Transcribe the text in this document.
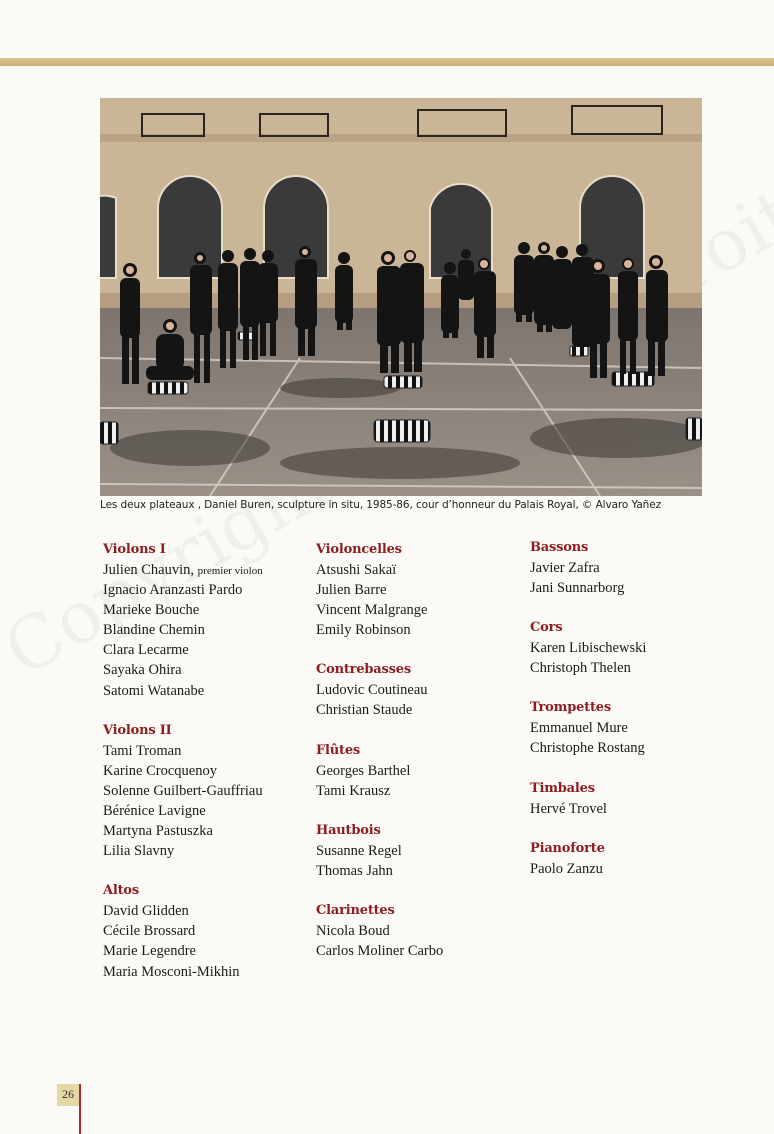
Les deux plateaux , Daniel Buren, sculpture in situ, 1985-86, cour d’honneur du Palais Royal, © Alvaro Yañez
Violons I
Julien Chauvin, premier violon
Ignacio Aranzasti Pardo
Marieke Bouche
Blandine Chemin
Clara Lecarme
Sayaka Ohira
Satomi Watanabe
Violons II
Tami Troman
Karine Crocquenoy
Solenne Guilbert-Gauffriau
Bérénice Lavigne
Martyna Pastuszka
Lilia Slavny
Altos
David Glidden
Cécile Brossard
Marie Legendre
Maria Mosconi-Mikhin
Violoncelles
Atsushi Sakaï
Julien Barre
Vincent Malgrange
Emily Robinson
Contrebasses
Ludovic Coutineau
Christian Staude
Flûtes
Georges Barthel
Tami Krausz
Hautbois
Susanne Regel
Thomas Jahn
Clarinettes
Nicola Boud
Carlos Moliner Carbo
Bassons
Javier Zafra
Jani Sunnarborg
Cors
Karen Libischewski
Christoph Thelen
Trompettes
Emmanuel Mure
Christophe Rostang
Timbales
Hervé Trovel
Pianoforte
Paolo Zanzu
26
